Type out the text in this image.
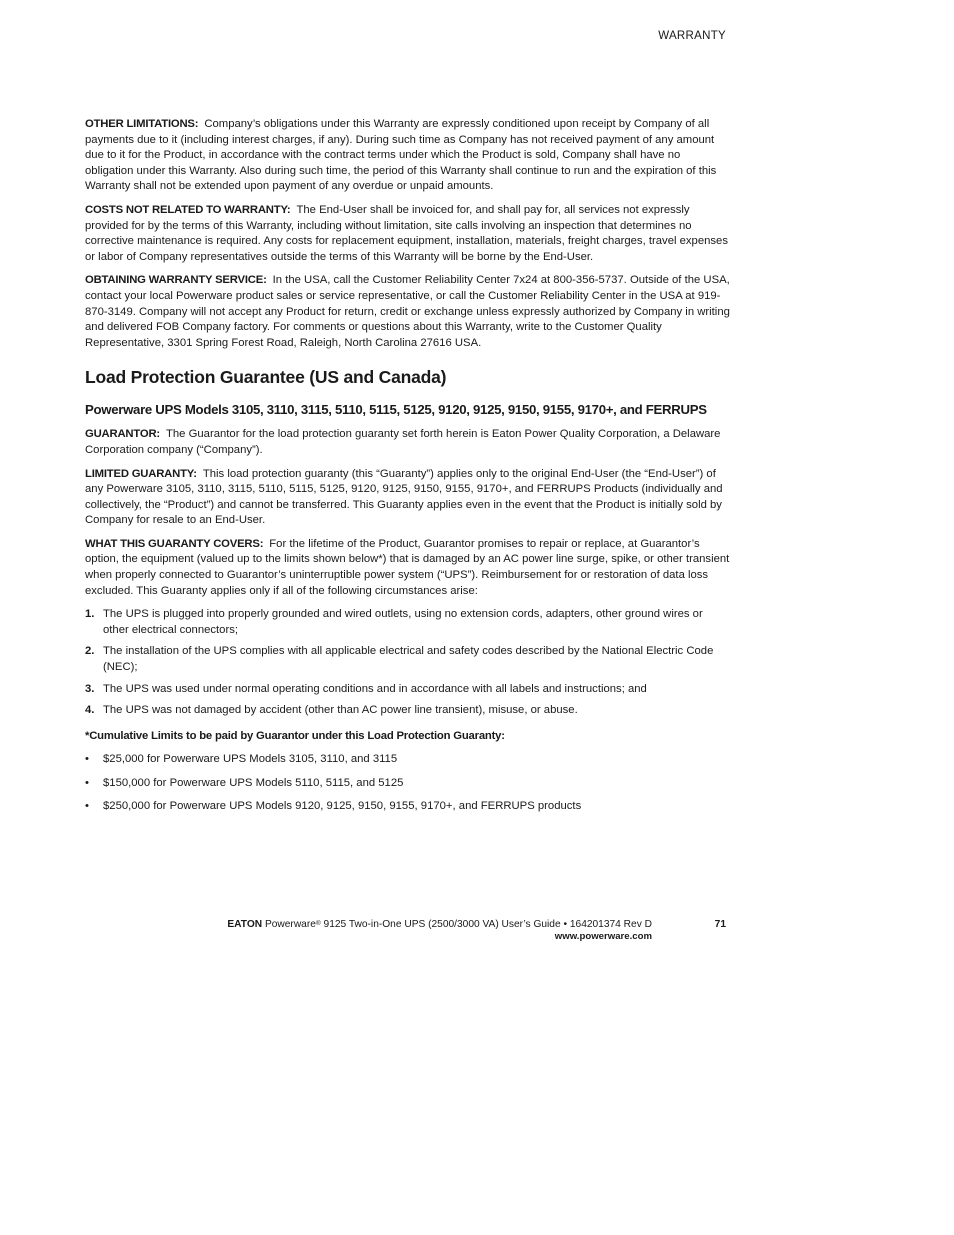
WARRANTY

OTHER LIMITATIONS: Company’s obligations under this Warranty are expressly conditioned upon receipt by Company of all payments due to it (including interest charges, if any). During such time as Company has not received payment of any amount due to it for the Product, in accordance with the contract terms under which the Product is sold, Company shall have no obligation under this Warranty. Also during such time, the period of this Warranty shall continue to run and the expiration of this Warranty shall not be extended upon payment of any overdue or unpaid amounts.

COSTS NOT RELATED TO WARRANTY: The End-User shall be invoiced for, and shall pay for, all services not expressly provided for by the terms of this Warranty, including without limitation, site calls involving an inspection that determines no corrective maintenance is required. Any costs for replacement equipment, installation, materials, freight charges, travel expenses or labor of Company representatives outside the terms of this Warranty will be borne by the End-User.

OBTAINING WARRANTY SERVICE: In the USA, call the Customer Reliability Center 7x24 at 800-356-5737. Outside of the USA, contact your local Powerware product sales or service representative, or call the Customer Reliability Center in the USA at 919-870-3149. Company will not accept any Product for return, credit or exchange unless expressly authorized by Company in writing and delivered FOB Company factory. For comments or questions about this Warranty, write to the Customer Quality Representative, 3301 Spring Forest Road, Raleigh, North Carolina 27616 USA.

Load Protection Guarantee (US and Canada)
Powerware UPS Models 3105, 3110, 3115, 5110, 5115, 5125, 9120, 9125, 9150, 9155, 9170+, and FERRUPS

GUARANTOR: The Guarantor for the load protection guaranty set forth herein is Eaton Power Quality Corporation, a Delaware Corporation company (“Company”).

LIMITED GUARANTY: This load protection guaranty (this “Guaranty”) applies only to the original End-User (the “End-User”) of any Powerware 3105, 3110, 3115, 5110, 5115, 5125, 9120, 9125, 9150, 9155, 9170+, and FERRUPS Products (individually and collectively, the “Product”) and cannot be transferred. This Guaranty applies even in the event that the Product is initially sold by Company for resale to an End-User.

WHAT THIS GUARANTY COVERS: For the lifetime of the Product, Guarantor promises to repair or replace, at Guarantor’s option, the equipment (valued up to the limits shown below*) that is damaged by an AC power line surge, spike, or other transient when properly connected to Guarantor’s uninterruptible power system (“UPS”). Reimbursement for or restoration of data loss excluded. This Guaranty applies only if all of the following circumstances arise:

1. The UPS is plugged into properly grounded and wired outlets, using no extension cords, adapters, other ground wires or other electrical connectors;
2. The installation of the UPS complies with all applicable electrical and safety codes described by the National Electric Code (NEC);
3. The UPS was used under normal operating conditions and in accordance with all labels and instructions; and
4. The UPS was not damaged by accident (other than AC power line transient), misuse, or abuse.
*Cumulative Limits to be paid by Guarantor under this Load Protection Guaranty:
• $25,000 for Powerware UPS Models 3105, 3110, and 3115
• $150,000 for Powerware UPS Models 5110, 5115, and 5125
• $250,000 for Powerware UPS Models 9120, 9125, 9150, 9155, 9170+, and FERRUPS products
EATON Powerware® 9125 Two-in-One UPS (2500/3000 VA) User’s Guide • 164201374 Rev D
www.powerware.com
71
